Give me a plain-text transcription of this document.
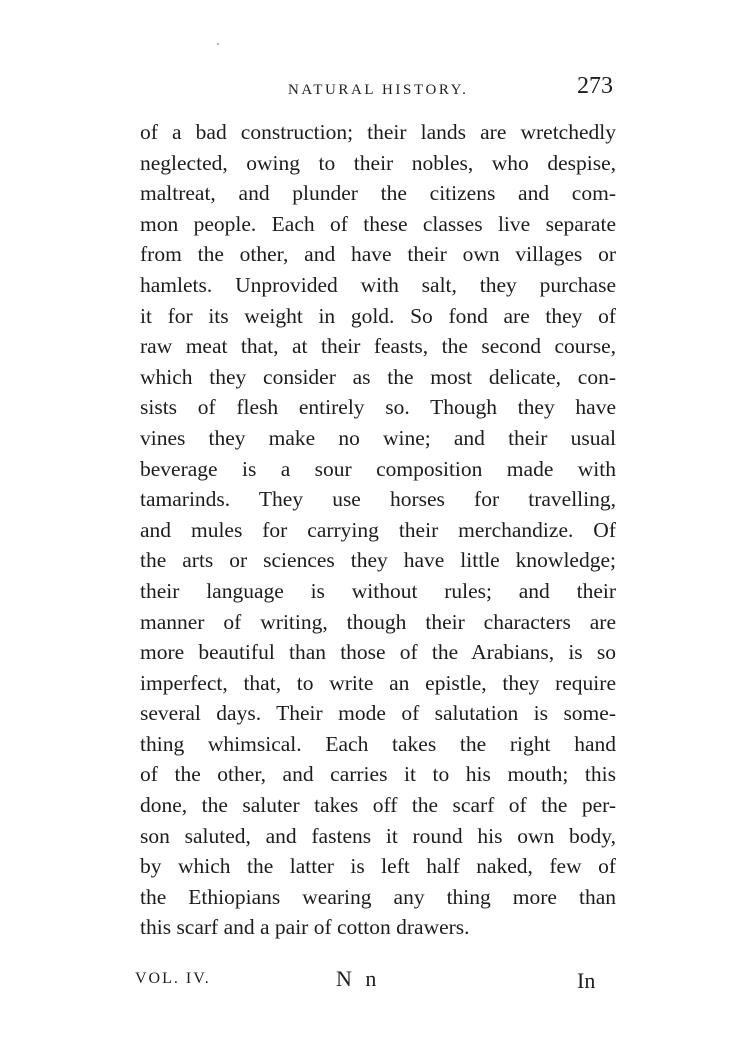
NATURAL HISTORY.	273
of a bad construction; their lands are wretchedly
neglected, owing to their nobles, who despise,
maltreat, and plunder the citizens and com-
mon people. Each of these classes live separate
from the other, and have their own villages or
hamlets. Unprovided with salt, they purchase
it for its weight in gold. So fond are they of
raw meat that, at their feasts, the second course,
which they consider as the most delicate, con-
sists of flesh entirely so. Though they have
vines they make no wine; and their usual
beverage is a sour composition made with
tamarinds. They use horses for travelling,
and mules for carrying their merchandize. Of
the arts or sciences they have little knowledge;
their language is without rules; and their
manner of writing, though their characters are
more beautiful than those of the Arabians, is so
imperfect, that, to write an epistle, they require
several days. Their mode of salutation is some-
thing whimsical. Each takes the right hand
of the other, and carries it to his mouth; this
done, the saluter takes off the scarf of the per-
son saluted, and fastens it round his own body,
by which the latter is left half naked, few of
the Ethiopians wearing any thing more than
this scarf and a pair of cotton drawers.
VOL. IV.	N n	In
